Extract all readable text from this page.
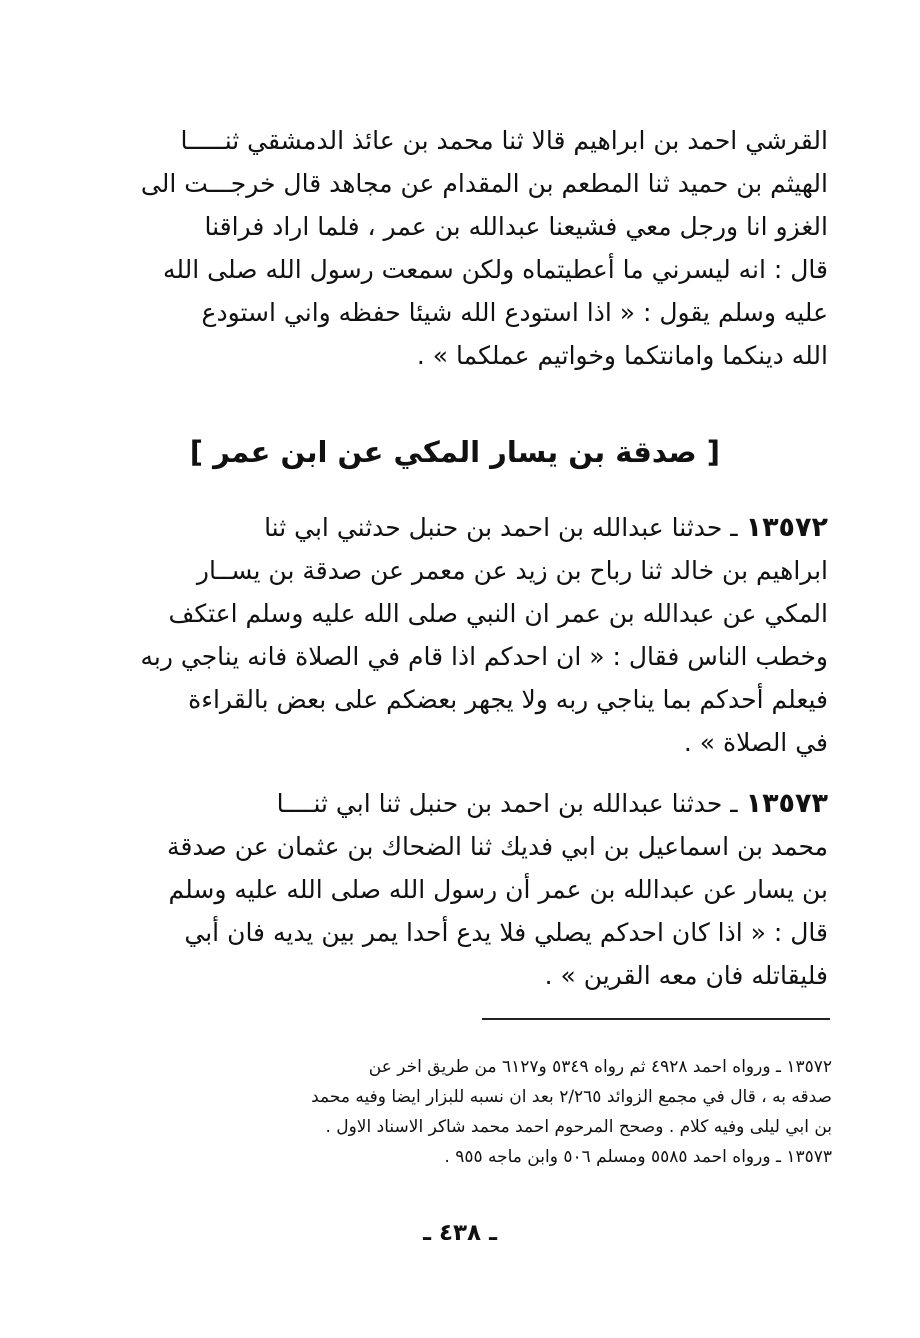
القرشي احمد بن ابراهيم قالا ثنا محمد بن عائذ الدمشقي ثنـــــا
الهيثم بن حميد ثنا المطعم بن المقدام عن مجاهد قال خرجـــت الى
الغزو انا ورجل معي فشيعنا عبدالله بن عمر ، فلما اراد فراقنا
قال : انه ليسرني ما أعطيتماه ولكن سمعت رسول الله صلى الله
عليه وسلم يقول : « اذا استودع الله شيئا حفظه واني استودع
الله دينكما وامانتكما وخواتيم عملكما » .
[ صدقة بن يسار المكي عن ابن عمر ]
١٣٥٧٢ ـ حدثنا عبدالله بن احمد بن حنبل حدثني ابي ثنا
ابراهيم بن خالد ثنا رباح بن زيد عن معمر عن صدقة بن يســار
المكي عن عبدالله بن عمر ان النبي صلى الله عليه وسلم اعتكف
وخطب الناس فقال : « ان احدكم اذا قام في الصلاة فانه يناجي ربه
فيعلم أحدكم بما يناجي ربه ولا يجهر بعضكم على بعض بالقراءة
في الصلاة » .
١٣٥٧٣ ـ حدثنا عبدالله بن احمد بن حنبل ثنا ابي ثنــــا
محمد بن اسماعيل بن ابي فديك ثنا الضحاك بن عثمان عن صدقة
بن يسار عن عبدالله بن عمر أن رسول الله صلى الله عليه وسلم
قال : « اذا كان احدكم يصلي فلا يدع أحدا يمر بين يديه فان أبي
فليقاتله فان معه القرين » .
١٣٥٧٢ ـ ورواه احمد ٤٩٢٨ ثم رواه ٥٣٤٩ و٦١٢٧ من طريق اخر عن
صدقه به ، قال في مجمع الزوائد ٢/٢٦٥ بعد ان نسبه للبزار ايضا وفيه محمد
بن ابي ليلى وفيه كلام . وصحح المرحوم احمد محمد شاكر الاسناد الاول .
١٣٥٧٣ ـ ورواه احمد ٥٥٨٥ ومسلم ٥٠٦ وابن ماجه ٩٥٥ .
ـ ٤٣٨ ـ
